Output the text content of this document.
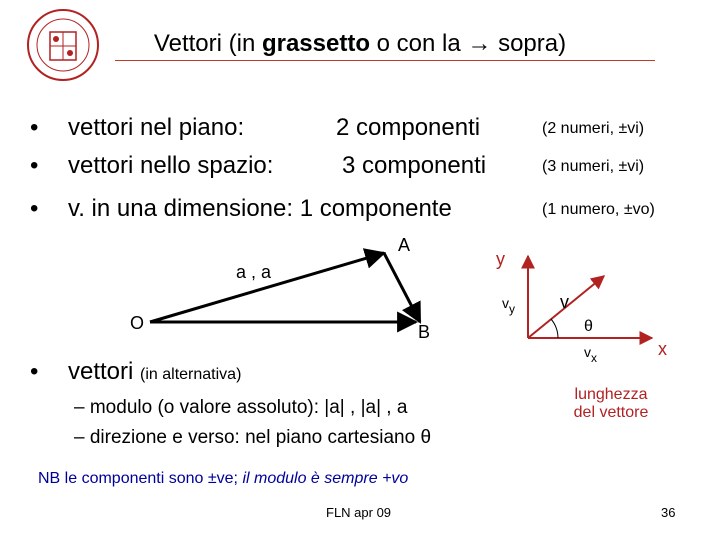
Vettori (in grassetto o con la → sopra)
• vettori nel piano:	2 componenti	(2 numeri, ±vi)
• vettori nello spazio:	3 componenti	(3 numeri, ±vi)
• v. in una dimensione: 1 componente	(1 numero, ±vo)
A
a , a
O	B
y
x
v
vy
vx
θ
lunghezza
del vettore
• vettori (in alternativa)
– modulo (o valore assoluto): |a| , |a| , a
– direzione e verso: nel piano cartesiano θ
NB le componenti sono ±ve; il modulo è sempre +vo
FLN apr 09	36
